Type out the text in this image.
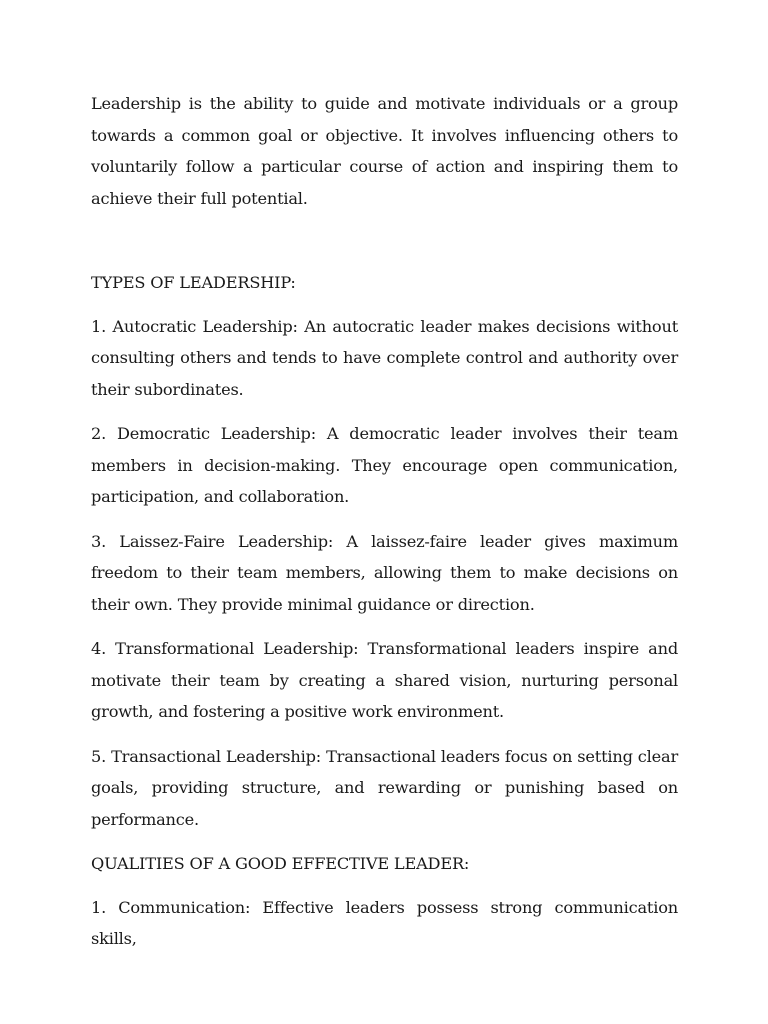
Leadership is the ability to guide and motivate individuals or a group towards a common goal or objective. It involves influencing others to voluntarily follow a particular course of action and inspiring them to achieve their full potential.

TYPES OF LEADERSHIP:

1. Autocratic Leadership: An autocratic leader makes decisions without consulting others and tends to have complete control and authority over their subordinates.

2. Democratic Leadership: A democratic leader involves their team members in decision-making. They encourage open communication, participation, and collaboration.

3. Laissez-Faire Leadership: A laissez-faire leader gives maximum freedom to their team members, allowing them to make decisions on their own. They provide minimal guidance or direction.

4. Transformational Leadership: Transformational leaders inspire and motivate their team by creating a shared vision, nurturing personal growth, and fostering a positive work environment.

5. Transactional Leadership: Transactional leaders focus on setting clear goals, providing structure, and rewarding or punishing based on performance.

QUALITIES OF A GOOD EFFECTIVE LEADER:

1. Communication: Effective leaders possess strong communication skills,
